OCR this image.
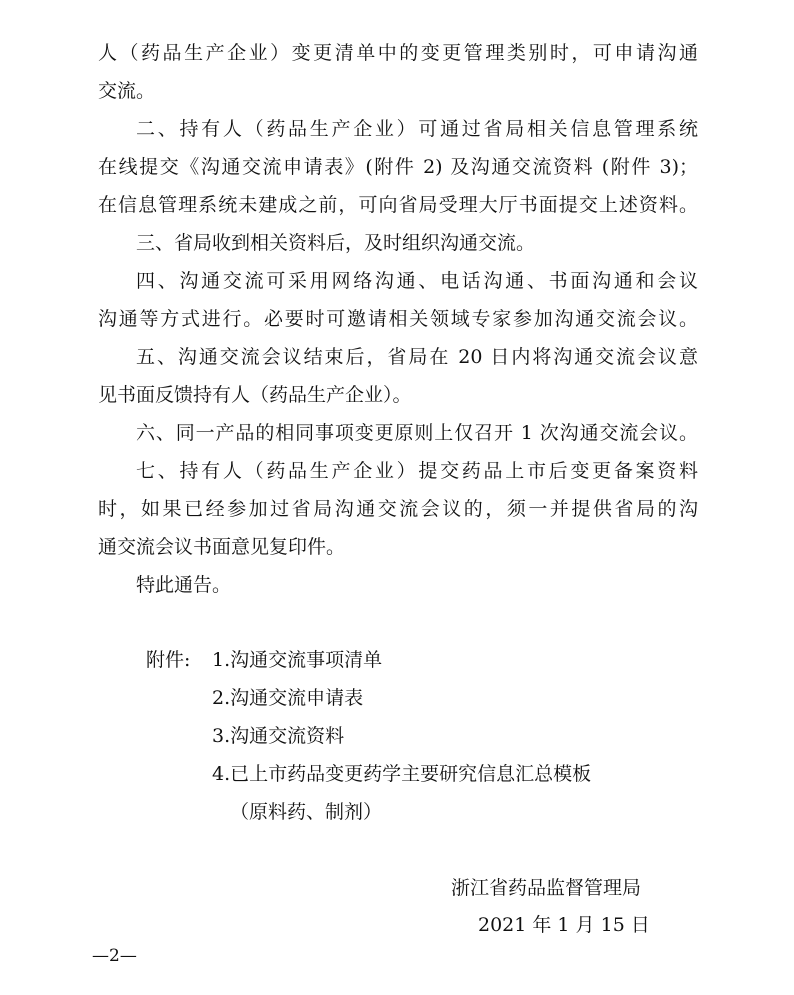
人（药品生产企业）变更清单中的变更管理类别时，可申请沟通
交流。
二、持有人（药品生产企业）可通过省局相关信息管理系统
在线提交《沟通交流申请表》(附件 2) 及沟通交流资料 (附件 3)；
在信息管理系统未建成之前，可向省局受理大厅书面提交上述资料。
三、省局收到相关资料后，及时组织沟通交流。
四、沟通交流可采用网络沟通、电话沟通、书面沟通和会议
沟通等方式进行。必要时可邀请相关领域专家参加沟通交流会议。
五、沟通交流会议结束后，省局在 20 日内将沟通交流会议意
见书面反馈持有人（药品生产企业）。
六、同一产品的相同事项变更原则上仅召开 1 次沟通交流会议。
七、持有人（药品生产企业）提交药品上市后变更备案资料
时，如果已经参加过省局沟通交流会议的，须一并提供省局的沟
通交流会议书面意见复印件。
特此通告。
附件: 1.沟通交流事项清单
2.沟通交流申请表
3.沟通交流资料
4.已上市药品变更药学主要研究信息汇总模板
（原料药、制剂）
浙江省药品监督管理局
2021 年 1 月 15 日
—2—
